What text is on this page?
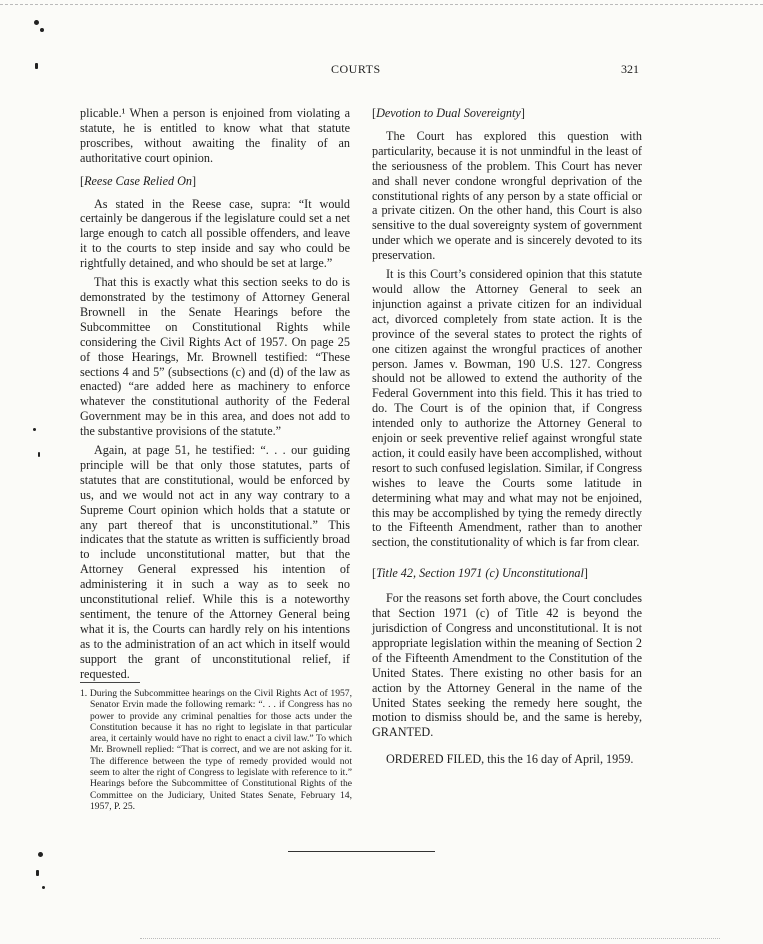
COURTS	321

plicable.¹ When a person is enjoined from violating a statute, he is entitled to know what that statute proscribes, without awaiting the finality of an authoritative court opinion.

[Reese Case Relied On]

As stated in the Reese case, supra: “It would certainly be dangerous if the legislature could set a net large enough to catch all possible offenders, and leave it to the courts to step inside and say who could be rightfully detained, and who should be set at large.”

That this is exactly what this section seeks to do is demonstrated by the testimony of Attorney General Brownell in the Senate Hearings before the Subcommittee on Constitutional Rights while considering the Civil Rights Act of 1957. On page 25 of those Hearings, Mr. Brownell testified: “These sections 4 and 5” (subsections (c) and (d) of the law as enacted) “are added here as machinery to enforce whatever the constitutional authority of the Federal Government may be in this area, and does not add to the substantive provisions of the statute.”

Again, at page 51, he testified: “. . . our guiding principle will be that only those statutes, parts of statutes that are constitutional, would be enforced by us, and we would not act in any way contrary to a Supreme Court opinion which holds that a statute or any part thereof that is unconstitutional.” This indicates that the statute as written is sufficiently broad to include unconstitutional matter, but that the Attorney General expressed his intention of administering it in such a way as to seek no unconstitutional relief. While this is a noteworthy sentiment, the tenure of the Attorney General being what it is, the Courts can hardly rely on his intentions as to the administration of an act which in itself would support the grant of unconstitutional relief, if requested.

1. During the Subcommittee hearings on the Civil Rights Act of 1957, Senator Ervin made the following remark: “. . . if Congress has no power to provide any criminal penalties for those acts under the Constitution because it has no right to legislate in that particular area, it certainly would have no right to enact a civil law.” To which Mr. Brownell replied: “That is correct, and we are not asking for it. The difference between the type of remedy provided would not seem to alter the right of Congress to legislate with reference to it.” Hearings before the Subcommittee of Constitutional Rights of the Committee on the Judiciary, United States Senate, February 14, 1957, P. 25.
[Devotion to Dual Sovereignty]

The Court has explored this question with particularity, because it is not unmindful in the least of the seriousness of the problem. This Court has never and shall never condone wrongful deprivation of the constitutional rights of any person by a state official or a private citizen. On the other hand, this Court is also sensitive to the dual sovereignty system of government under which we operate and is sincerely devoted to its preservation.

It is this Court’s considered opinion that this statute would allow the Attorney General to seek an injunction against a private citizen for an individual act, divorced completely from state action. It is the province of the several states to protect the rights of one citizen against the wrongful practices of another person. James v. Bowman, 190 U.S. 127. Congress should not be allowed to extend the authority of the Federal Government into this field. This it has tried to do. The Court is of the opinion that, if Congress intended only to authorize the Attorney General to enjoin or seek preventive relief against wrongful state action, it could easily have been accomplished, without resort to such confused legislation. Similar, if Congress wishes to leave the Courts some latitude in determining what may and what may not be enjoined, this may be accomplished by tying the remedy directly to the Fifteenth Amendment, rather than to another section, the constitutionality of which is far from clear.

[Title 42, Section 1971 (c) Unconstitutional]

For the reasons set forth above, the Court concludes that Section 1971 (c) of Title 42 is beyond the jurisdiction of Congress and unconstitutional. It is not appropriate legislation within the meaning of Section 2 of the Fifteenth Amendment to the Constitution of the United States. There existing no other basis for an action by the Attorney General in the name of the United States seeking the remedy here sought, the motion to dismiss should be, and the same is hereby, GRANTED.

ORDERED FILED, this the 16 day of April, 1959.
